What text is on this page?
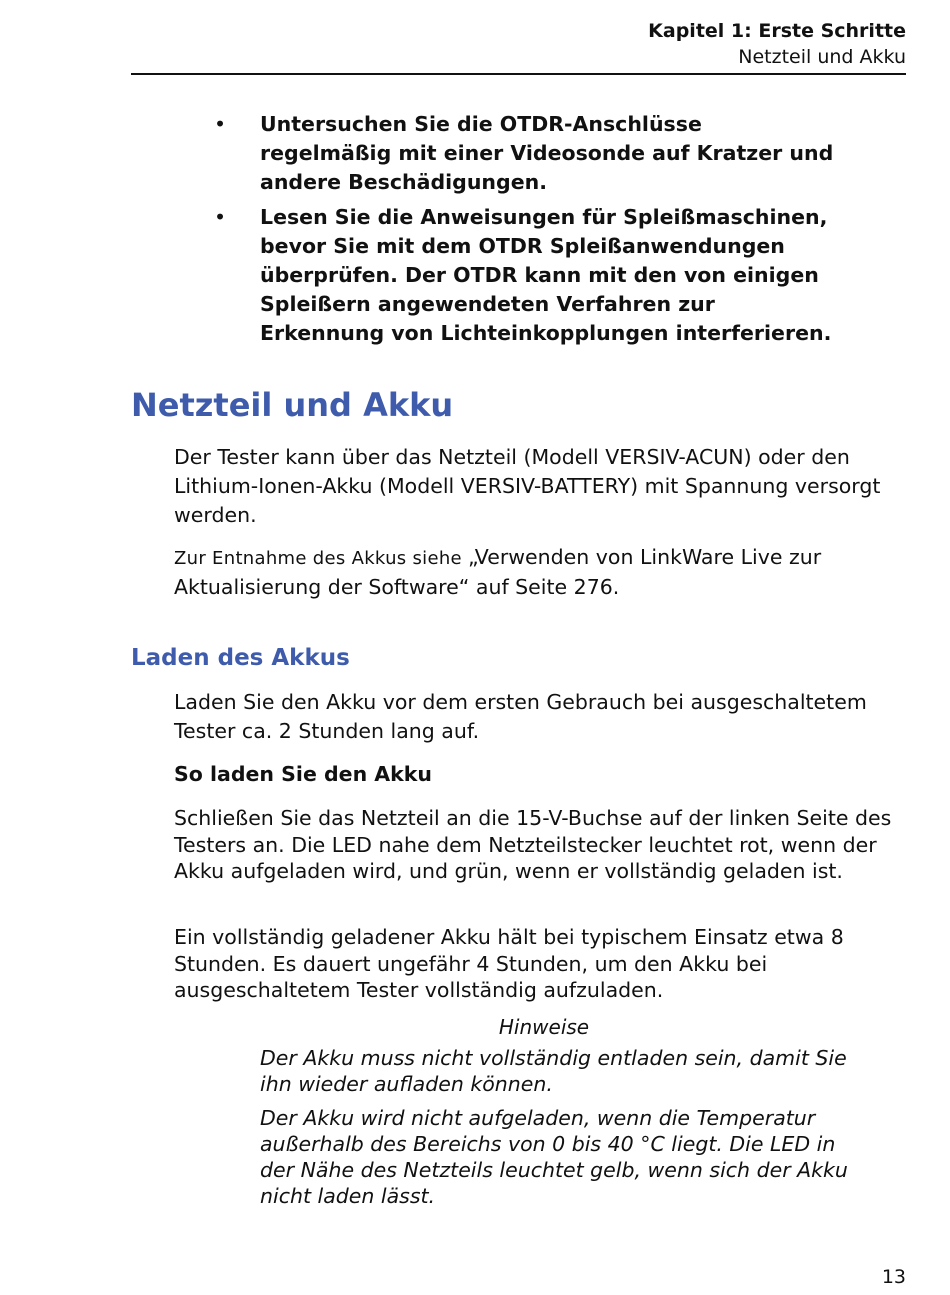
Kapitel 1: Erste Schritte
Netzteil und Akku
• Untersuchen Sie die OTDR-Anschlüsse regelmäßig mit einer Videosonde auf Kratzer und andere Beschädigungen.
• Lesen Sie die Anweisungen für Spleißmaschinen, bevor Sie mit dem OTDR Spleißanwendungen überprüfen. Der OTDR kann mit den von einigen Spleißern angewendeten Verfahren zur Erkennung von Lichteinkopplungen interferieren.
Netzteil und Akku
Der Tester kann über das Netzteil (Modell VERSIV-ACUN) oder den Lithium-Ionen-Akku (Modell VERSIV-BATTERY) mit Spannung versorgt werden.
Zur Entnahme des Akkus siehe „Verwenden von LinkWare Live zur Aktualisierung der Software“ auf Seite 276.
Laden des Akkus
Laden Sie den Akku vor dem ersten Gebrauch bei ausgeschaltetem Tester ca. 2 Stunden lang auf.
So laden Sie den Akku
Schließen Sie das Netzteil an die 15-V-Buchse auf der linken Seite des Testers an. Die LED nahe dem Netzteilstecker leuchtet rot, wenn der Akku aufgeladen wird, und grün, wenn er vollständig geladen ist.
Ein vollständig geladener Akku hält bei typischem Einsatz etwa 8 Stunden. Es dauert ungefähr 4 Stunden, um den Akku bei ausgeschaltetem Tester vollständig aufzuladen.
Hinweise
Der Akku muss nicht vollständig entladen sein, damit Sie ihn wieder aufladen können.
Der Akku wird nicht aufgeladen, wenn die Temperatur außerhalb des Bereichs von 0 bis 40 °C liegt. Die LED in der Nähe des Netzteils leuchtet gelb, wenn sich der Akku nicht laden lässt.
13
